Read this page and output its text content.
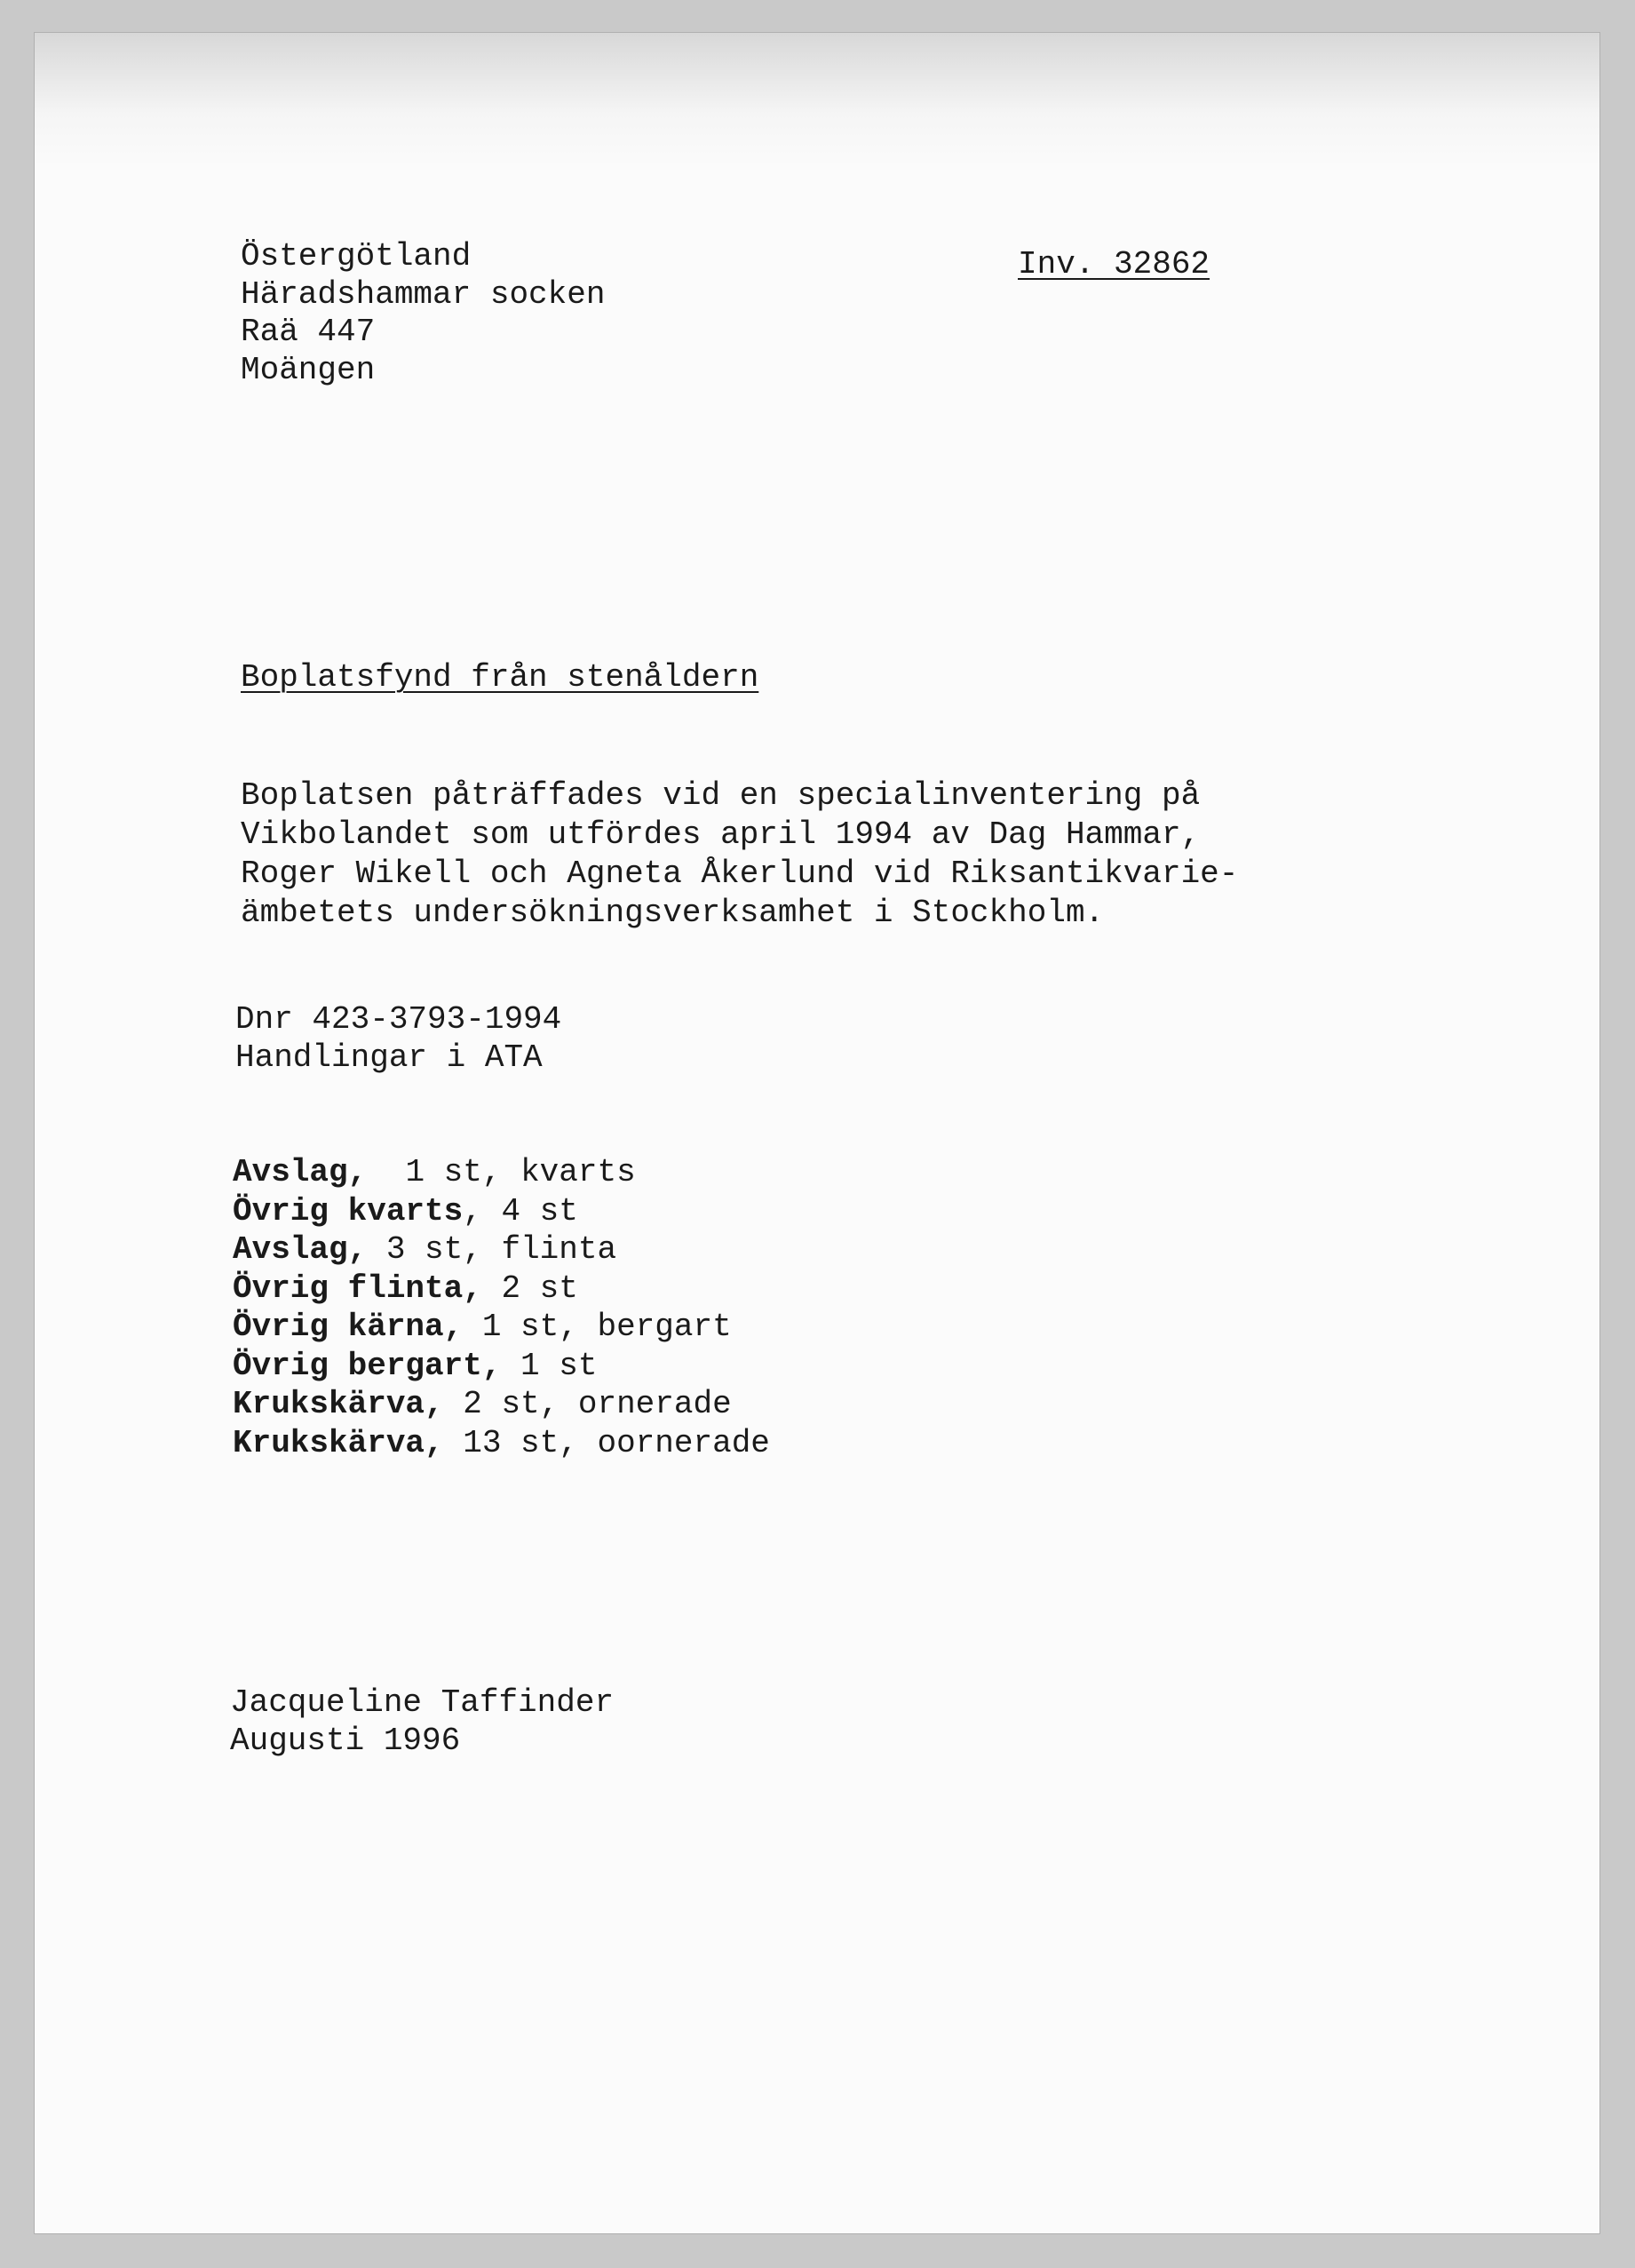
Östergötland
Häradshammar socken
Raä 447
Moängen
Inv. 32862
Boplatsfynd från stenåldern
Boplatsen påträffades vid en specialinventering på
Vikbolandet som utfördes april 1994 av Dag Hammar,
Roger Wikell och Agneta Åkerlund vid Riksantikvarie-
ämbetets undersökningsverksamhet i Stockholm.
Dnr 423-3793-1994
Handlingar i ATA
Avslag,  1 st, kvarts
Övrig kvarts, 4 st
Avslag, 3 st, flinta
Övrig flinta, 2 st
Övrig kärna, 1 st, bergart
Övrig bergart, 1 st
Krukskärva, 2 st, ornerade
Krukskärva, 13 st, oornerade
Jacqueline Taffinder
Augusti 1996
